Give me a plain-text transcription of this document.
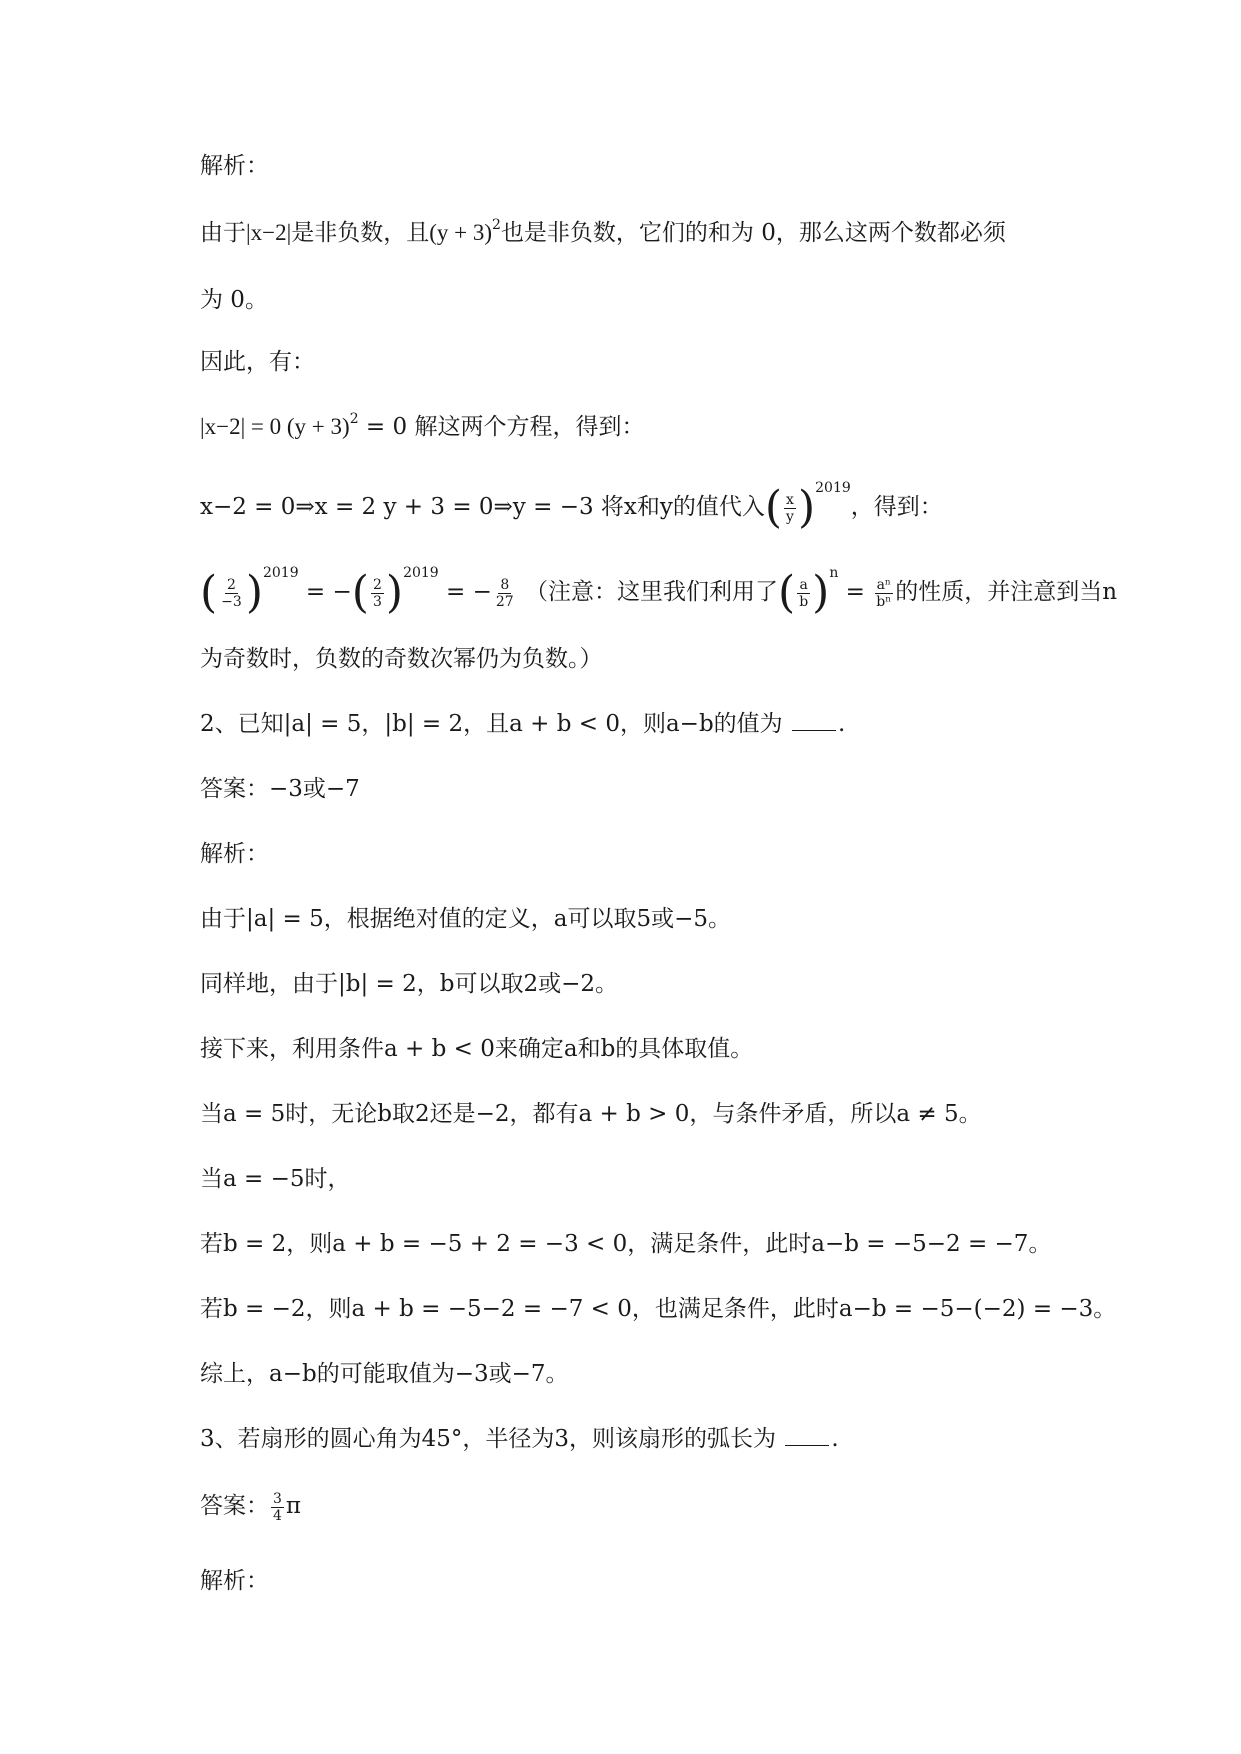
解析：
由于|x−2|是非负数，且$(y + 3)^2$也是非负数，它们的和为 0，那么这两个数都必须
为 0。
因此，有：
|x−2| = 0 $(y + 3)^2 = 0$ 解这两个方程，得到：
x−2 = 0⇒x = 2 y + 3 = 0⇒y = −3 将x和y的值代入( $\frac{x}{y} )^{2019}$，得到：
( $\frac{2}{-3} )^{2019}$ = −( $\frac{2}{3} )^{2019}$ = − $\frac{8}{27}$ （注意：这里我们利用了( $\frac{a}{b} )^n = \frac{\text{aⁿ}}{\text{bⁿ}}$ 的性质，并注意到当n
为奇数时，负数的奇数次幂仍为负数。）
2、已知|a| = 5，|b| = 2，且a + b < 0，则a−b的值为 .
答案：−3或−7
解析：
由于|a| = 5，根据绝对值的定义，a可以取5或−5。
同样地，由于|b| = 2，b可以取2或−2。
接下来，利用条件a + b < 0来确定a和b的具体取值。
当a = 5时，无论b取2还是−2，都有a + b > 0，与条件矛盾，所以a ≠ 5。
当a = −5时，
若b = 2，则a + b = −5 + 2 = −3 < 0，满足条件，此时a−b = −5−2 = −7。
若b = −2，则a + b = −5−2 = −7 < 0，也满足条件，此时a−b = −5−(−2) = −3。
综上，a−b的可能取值为−3或−7。
3、若扇形的圆心角为45°，半径为3，则该扇形的弧长为 .
答案： $\frac{3}{4}$ π
解析：
